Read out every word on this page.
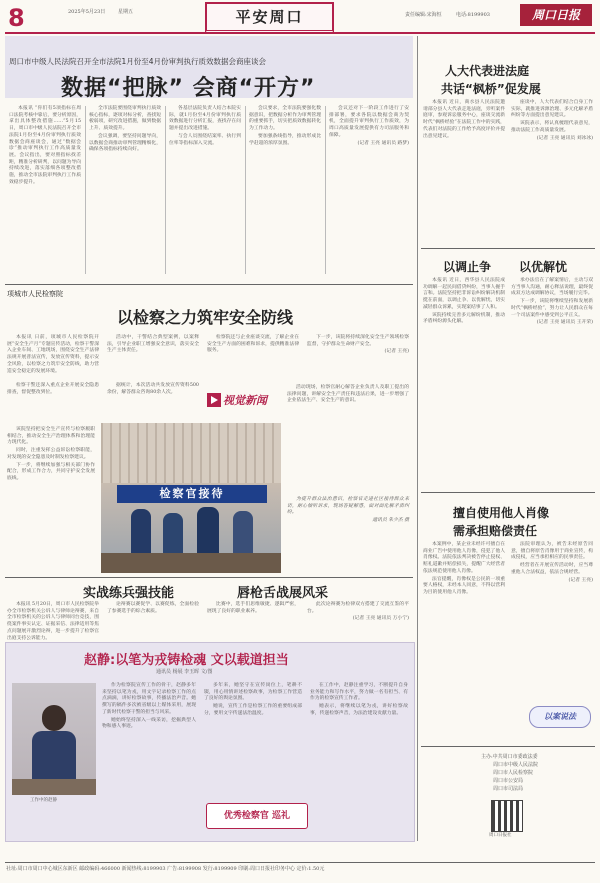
8	2025年5月23日	星期五	平安周口	责任编辑:宋海恒	电话:8199903	周口日报
周口市中级人民法院召开全市法院1月份至4月份审判执行质效数据会商座谈会
数据“把脉” 会商“开方”

本报讯 “你们有5项指标在周口法院考核中靠后，要分析原因，拿出具体整改措施……”5月15日，周口市中级人民法院召开全市法院1月份至4月份审判执行质效数据会商座谈会，通过“数据会诊”推动审判执行工作高质量发展。会议指出，要对照指标找差距，精准分析研判，以问题为导向持续改进，落实落细各项整改措施，推动全市法院审判执行工作质效稳步提升。

全市法院要围绕审判执行质效核心指标，逐项对标分析，查找短板弱项，研究改进措施，做到数据上升、质效提升。

会议强调，要坚持问题导向，以数据会商推动审判管理精细化，确保各项指标持续向好。

各基层法院负责人结合本院实际，就1月份至4月份审判执行质效数据进行分析汇报，查找存在问题并提出改进措施。

与会人员围绕结案率、执行到位率等指标深入交流。

会议要求，全市法院要强化数据意识，把数据分析作为审判管理的重要抓手，切实把质效数据转化为工作动力。

要加强条线指导，推动形成比学赶超的浓厚氛围。

会议还对下一阶段工作进行了安排部署，要求各院以数据会商为契机，全面提升审判执行工作质效，为周口高质量发展提供有力司法服务和保障。

(记者 王亮 通讯员 路梦)

项城市人民检察院
以检察之力筑牢安全防线

本报讯 日前，项城市人民检察院开展“安全生产月”专题宣传活动，检察干警深入企业车间、工地现场，围绕安全生产法律法规开展普法宣传，发放宣传资料，提示安全风险，以检察之力筑牢安全防线，助力营造安全稳定的发展环境。

活动中，干警结合典型案例，以案释法，引导企业职工增强安全意识，落实安全生产主体责任。

检察院还与企业座谈交流，了解企业在安全生产方面的困难和诉求，提供精准法律服务。

下一步，该院将持续深化安全生产领域检察监督，守护群众生命财产安全。

(记者 王亮)

检察干警还深入重点企业开展安全隐患排查，督促整改到位。

据统计，本次活动共发放宣传资料500余份，解答群众咨询80余人次。

视觉新闻
检察官接待	为提升群众法治意识，检察官走进社区接待群众来访，耐心倾听诉求，现场答疑解惑，面对面化解矛盾纠纷。

通讯员 朱少杰 摄

该院坚持把安全生产宣传与检察履职相结合，推动安全生产治理体系和治理能力现代化。

同时，注重发挥公益诉讼检察职能，对发现的安全隐患及时制发检察建议。

下一步，将继续加强与相关部门协作配合，形成工作合力，共同守护安全发展底线。

活动现场，检察官耐心解答企业负责人及职工提出的法律问题，讲解安全生产责任和违法后果，进一步增强了企业依法生产、安全生产的意识。

实战练兵强技能	唇枪舌战展风采

本报讯 5月20日，周口市人民检察院举办全市检察机关公诉人与律师论辩赛，来自全市检察机关的公诉人与律师同台竞技，围绕案件事实认定、证据采信、法律适用等焦点问题展开激烈论辩，进一步提升了检察官出庭支持公诉能力。

论辩赛以赛促学、以赛促练，全面检验了参赛选手的综合素质。

比赛中，选手们思维敏捷、逻辑严密，展现了良好的职业素养。

此次论辩赛为检律双方搭建了交流互鉴的平台。

(记者 王亮 通讯员 万小宁)

赵静:以笔为戎铸检魂 文以载道担当
通讯员 杨展 李玉晖 文/图
工作中的赵静

作为检察院宣传工作的骨干，赵静多年来坚持以笔为戎，用文字记录检察工作的点点滴滴，讲好检察故事，传播法治声音。她撰写的稿件多次被省级以上媒体采用，展现了新时代检察干警的担当与风采。

她始终坚持深入一线采访，挖掘典型人物和感人事迹。

多年来，她坚守在宣传岗位上，笔耕不辍，用心用情讲述检察故事，为检察工作营造了良好的舆论氛围。

她说，宣传工作是检察工作的重要组成部分，要用文字传递法治温度。

在工作中，赵静注重学习，不断提升自身业务能力和写作水平，努力做一名有担当、有作为的检察宣传工作者。

她表示，将继续以笔为戎，讲好检察故事，传递检察声音，为法治建设贡献力量。

优秀检察官 巡礼
人大代表进法庭
共话“枫桥”促发展

本报讯 近日，商水县人民法院邀请部分县人大代表走进法庭，旁听案件庭审，参观诉讼服务中心，座谈交流新时代“枫桥经验”在法院工作中的实践，代表们对法院的工作给予高度评价并提出意见建议。

座谈中，人大代表们结合自身工作实际，就推进诉源治理、多元化解矛盾纠纷等方面提出意见建议。

该院表示，将认真梳理代表意见，推动法院工作高质量发展。

(记者 王亮 通讯员 刘冰冰)

以调止争 以优解忧

本报讯 近日，西华县人民法院成功调解一起民间借贷纠纷，当事人握手言和。法院坚持把非诉讼纠纷解决机制挺在前面，以调止争、以优解忧，切实减轻群众诉累，实现案结事了人和。

该院持续完善多元解纷机制，推动矛盾纠纷源头化解。

承办法官在了解案情后，主动与双方当事人沟通，耐心释法说理，最终促成双方达成调解协议，当场履行完毕。

下一步，该院将继续坚持和发展新时代“枫桥经验”，努力让人民群众在每一个司法案件中感受到公平正义。

(记者 王亮 通讯员 王开荣)

擅自使用他人肖像
需承担赔偿责任

本案例中，某企业未经许可擅自在商业广告中使用他人肖像，侵犯了他人肖像权。法院依法判决被告停止侵权、赔礼道歉并赔偿损失，提醒广大经营者依法规范使用他人肖像。

法官提醒，肖像权是公民的一项重要人格权，未经本人同意，不得以营利为目的使用他人肖像。

法院审理认为，被告未经原告同意，擅自将原告肖像用于商业宣传，构成侵权，应当承担相应的民事责任。

经营者在开展宣传活动时，应当尊重他人合法权益，依法合规经营。

(记者 王亮)

以案说法
主办:中共周口市委政法委
周口市中级人民法院
周口市人民检察院
周口市公安局
周口市司法局
周口日报社
社址:周口市周口中心城区东新区 邮政编码:466000 新闻热线:8199903 广告:8199908 发行:8199909 印刷:周口日报社印务中心 定价:1.50元
